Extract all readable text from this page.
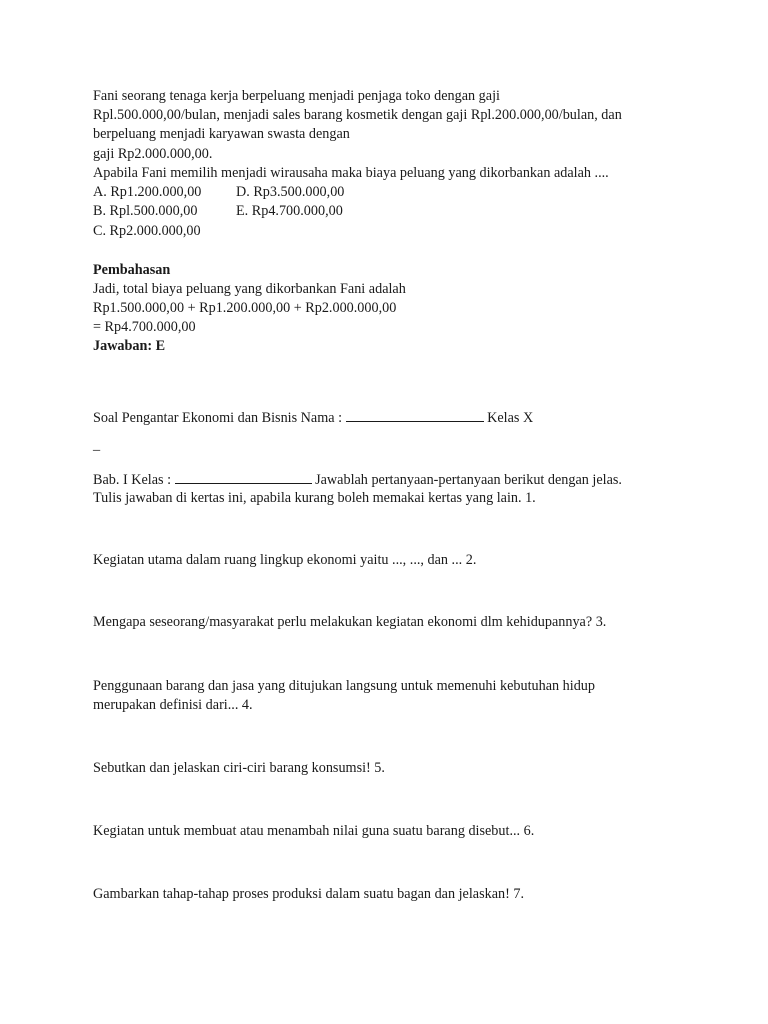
Fani seorang tenaga kerja berpeluang menjadi penjaga toko dengan gaji
Rpl.500.000,00/bulan, menjadi sales barang kosmetik dengan gaji Rpl.200.000,00/bulan, dan
berpeluang menjadi karyawan swasta dengan
gaji Rp2.000.000,00.
Apabila Fani memilih menjadi wirausaha maka biaya peluang yang dikorbankan adalah ....
A. Rp1.200.000,00 D. Rp3.500.000,00
B. Rpl.500.000,00	E. Rp4.700.000,00
C. Rp2.000.000,00
Pembahasan
Jadi, total biaya peluang yang dikorbankan Fani adalah
Rp1.500.000,00 + Rp1.200.000,00 + Rp2.000.000,00
= Rp4.700.000,00
Jawaban: E
Soal Pengantar Ekonomi dan Bisnis Nama :	Kelas X
_
Bab. I Kelas :	Jawablah pertanyaan-pertanyaan berikut dengan jelas.
Tulis jawaban di kertas ini, apabila kurang boleh memakai kertas yang lain. 1.
Kegiatan utama dalam ruang lingkup ekonomi yaitu ..., ..., dan ... 2.
Mengapa seseorang/masyarakat perlu melakukan kegiatan ekonomi dlm kehidupannya? 3.
Penggunaan barang dan jasa yang ditujukan langsung untuk memenuhi kebutuhan hidup
merupakan definisi dari... 4.
Sebutkan dan jelaskan ciri-ciri barang konsumsi! 5.
Kegiatan untuk membuat atau menambah nilai guna suatu barang disebut... 6.
Gambarkan tahap-tahap proses produksi dalam suatu bagan dan jelaskan! 7.
